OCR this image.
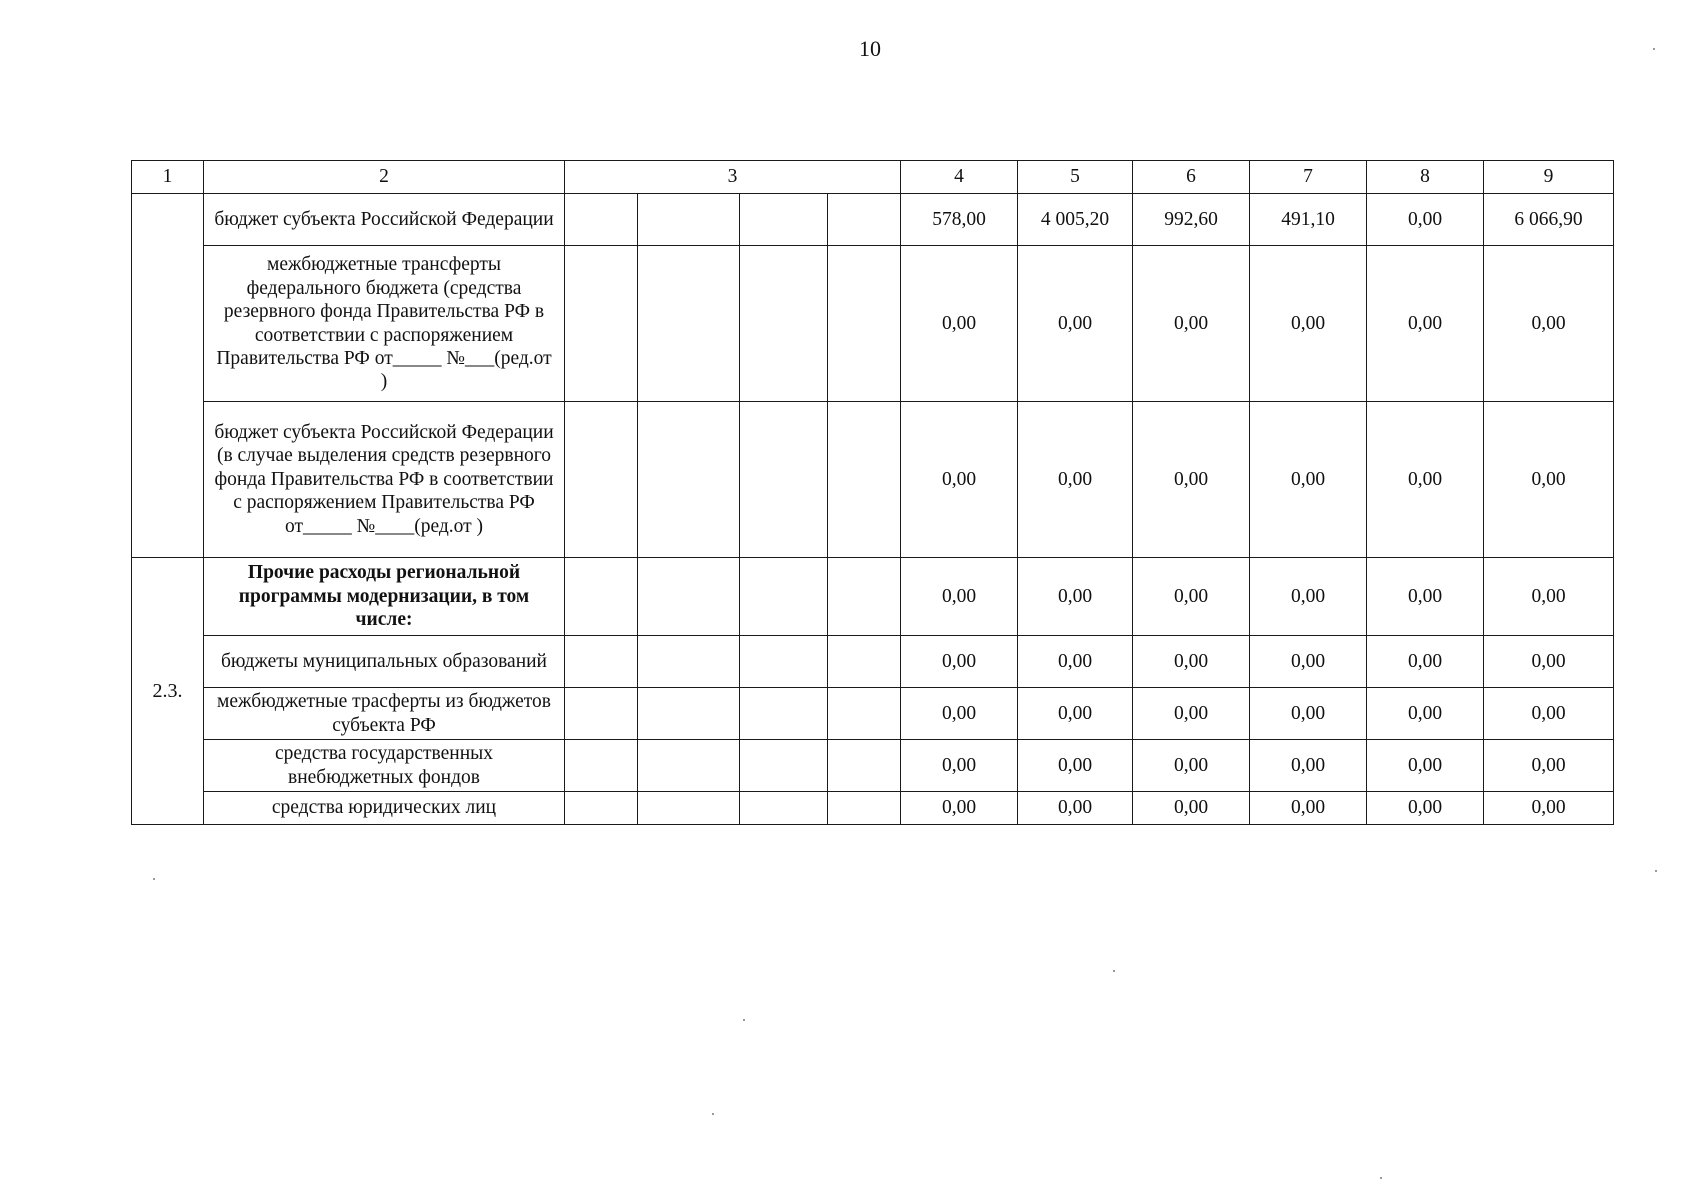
10
1	2	3				4	5	6	7	8	9
	бюджет субъекта Российской Федерации					578,00	4 005,20	992,60	491,10	0,00	6 066,90
	межбюджетные трансферты федерального бюджета (средства резервного фонда Правительства РФ в соответствии с распоряжением Правительства РФ от_____ №___(ред.от )					0,00	0,00	0,00	0,00	0,00	0,00
	бюджет субъекта Российской Федерации (в случае выделения средств резервного фонда Правительства РФ в соответствии с распоряжением Правительства РФ от_____ №____(ред.от )					0,00	0,00	0,00	0,00	0,00	0,00
2.3.	Прочие расходы региональной программы модернизации, в том числе:					0,00	0,00	0,00	0,00	0,00	0,00
	бюджеты муниципальных образований					0,00	0,00	0,00	0,00	0,00	0,00
	межбюджетные трасферты из бюджетов субъекта РФ					0,00	0,00	0,00	0,00	0,00	0,00
	средства государственных внебюджетных фондов					0,00	0,00	0,00	0,00	0,00	0,00
	средства юридических лиц					0,00	0,00	0,00	0,00	0,00	0,00
